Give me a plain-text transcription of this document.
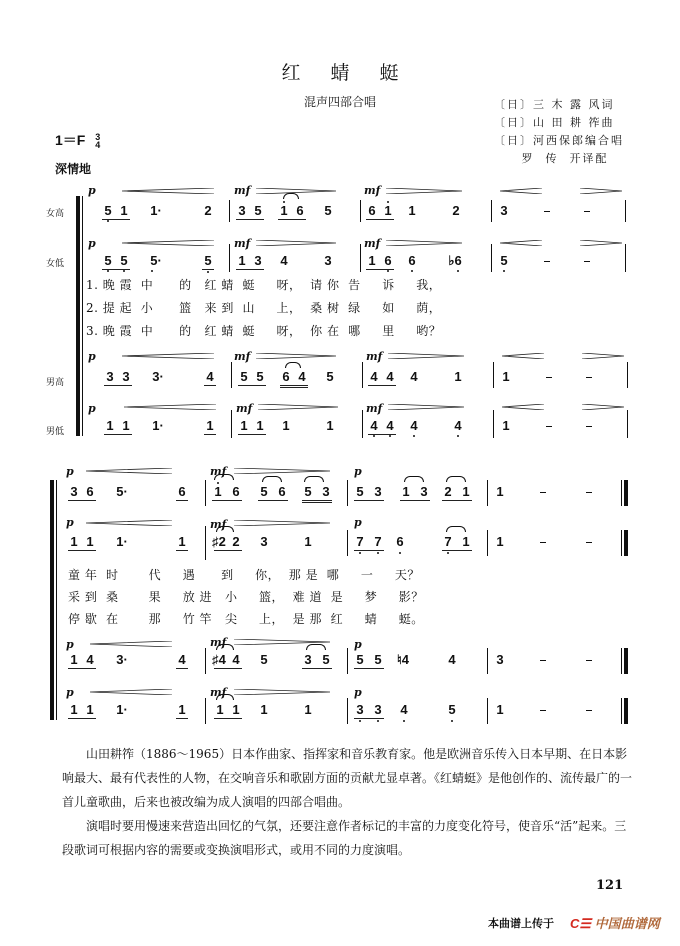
红蜻蜓
混声四部合唱	〔日〕三 木 露 风词
〔日〕山 田 耕 筰曲
〔日〕河西保郎编合唱
罗  传  开译配
1＝F 3
4
深情地
女高
女低
男高
男低
p	mf	mf
5 1	1·	2 3 5 1 6 5	6 1 1	2	3
p	mf	mf
5 5	5·	5 1 3 4	3	1 6 6	♭6	5
1. 晚 霞  中      的   红 蜻  蜓     呀，  请 你  告     诉     我，
2. 提 起  小      篮   来 到  山     上，  桑 树  绿     如     荫，
3. 晚 霞  中      的   红 蜻  蜓     呀，  你 在  哪     里     哟？
p	mf	mf
3 3	3·	4 5 5 6 4 5	4 4 4	1	1
p	mf	mf
1 1	1·	1 1 1 1	1	4 4 4	4	1
p	mf	p
3 6	5·	6 1 6 5 6 5 3 5 3 1 3 2 1 1
p	mf	p
1 1	1·	1	♯2 2 3	1	7 7 6	7 1 1
童 年  时       代     遇      到     你，  那 是  哪     一     天？
采 到  桑       果     放 进   小     篮，  难 道  是     梦     影？
停 歇  在       那     竹 竿   尖     上，  是 那  红     蜻     蜓。
p	mf	p
1 4	3·	4	♯4 4 5	3 5 5 5	♮4	4	3
p	mf	p
1 1	1·	1 1 1 1	1	3 3 4	5	1

山田耕筰（1886～1965）日本作曲家、指挥家和音乐教育家。他是欧洲音乐传入日本早期、在日本影响最大、最有代表性的人物，在交响音乐和歌剧方面的贡献尤显卓著。《红蜻蜓》是他创作的、流传最广的一首儿童歌曲，后来也被改编为成人演唱的四部合唱曲。

演唱时要用慢速来营造出回忆的气氛，还要注意作者标记的丰富的力度变化符号，使音乐“活”起来。三段歌词可根据内容的需要或变换演唱形式，或用不同的力度演唱。

121
本曲谱上传于 C☰ 中国曲谱网
